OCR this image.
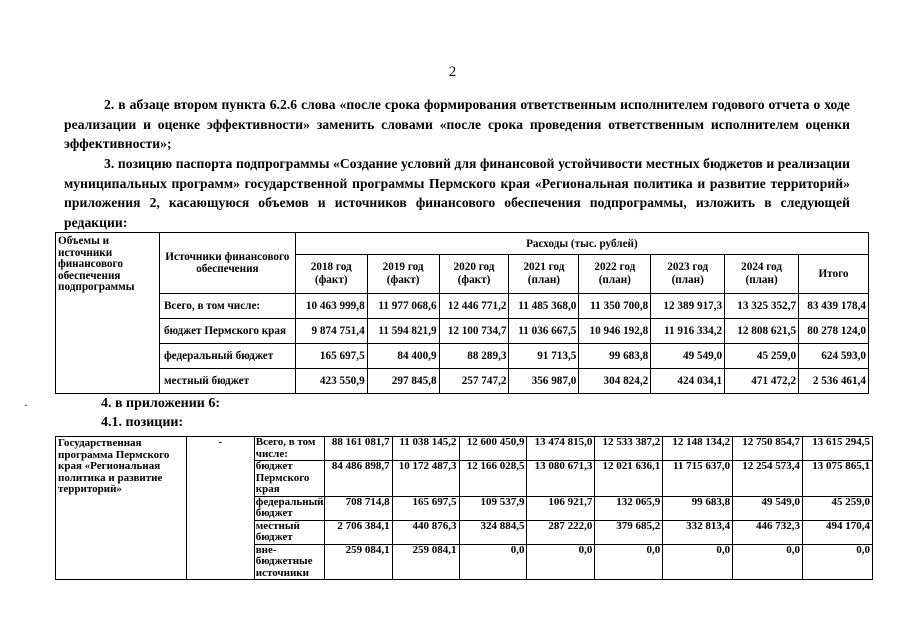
2
2. в абзаце втором пункта 6.2.6 слова «после срока формирования ответственным исполнителем годового отчета о ходе реализации и оценке эффективности» заменить словами «после срока проведения ответственным исполнителем оценки эффективности»;
3. позицию паспорта подпрограммы «Создание условий для финансовой устойчивости местных бюджетов и реализации муниципальных программ» государственной программы Пермского края «Региональная политика и развитие территорий» приложения 2, касающуюся объемов и источников финансового обеспечения подпрограммы, изложить в следующей редакции:
Объемы и источники финансового обеспечения подпрограммы	Источники финансового обеспечения	Расходы (тыс. рублей)							
		2018 год (факт)	2019 год (факт)	2020 год (факт)	2021 год (план)	2022 год (план)	2023 год (план)	2024 год (план)	Итого
	Всего, в том числе:	10 463 999,8	11 977 068,6	12 446 771,2	11 485 368,0	11 350 700,8	12 389 917,3	13 325 352,7	83 439 178,4
	бюджет Пермского края	9 874 751,4	11 594 821,9	12 100 734,7	11 036 667,5	10 946 192,8	11 916 334,2	12 808 621,5	80 278 124,0
	федеральный бюджет	165 697,5	84 400,9	88 289,3	91 713,5	99 683,8	49 549,0	45 259,0	624 593,0
	местный бюджет	423 550,9	297 845,8	257 747,2	356 987,0	304 824,2	424 034,1	471 472,2	2 536 461,4
·	4. в приложении 6:
4.1. позиции:
Государственная программа Пермского края «Региональная политика и развитие территорий»	-	Всего, в том числе:	88 161 081,7	11 038 145,2	12 600 450,9	13 474 815,0	12 533 387,2	12 148 134,2	12 750 854,7	13 615 294,5
		бюджет Пермского края	84 486 898,7	10 172 487,3	12 166 028,5	13 080 671,3	12 021 636,1	11 715 637,0	12 254 573,4	13 075 865,1
		федеральный бюджет	708 714,8	165 697,5	109 537,9	106 921,7	132 065,9	99 683,8	49 549,0	45 259,0
		местный бюджет	2 706 384,1	440 876,3	324 884,5	287 222,0	379 685,2	332 813,4	446 732,3	494 170,4
		вне-бюджетные источники	259 084,1	259 084,1	0,0	0,0	0,0	0,0	0,0	0,0
